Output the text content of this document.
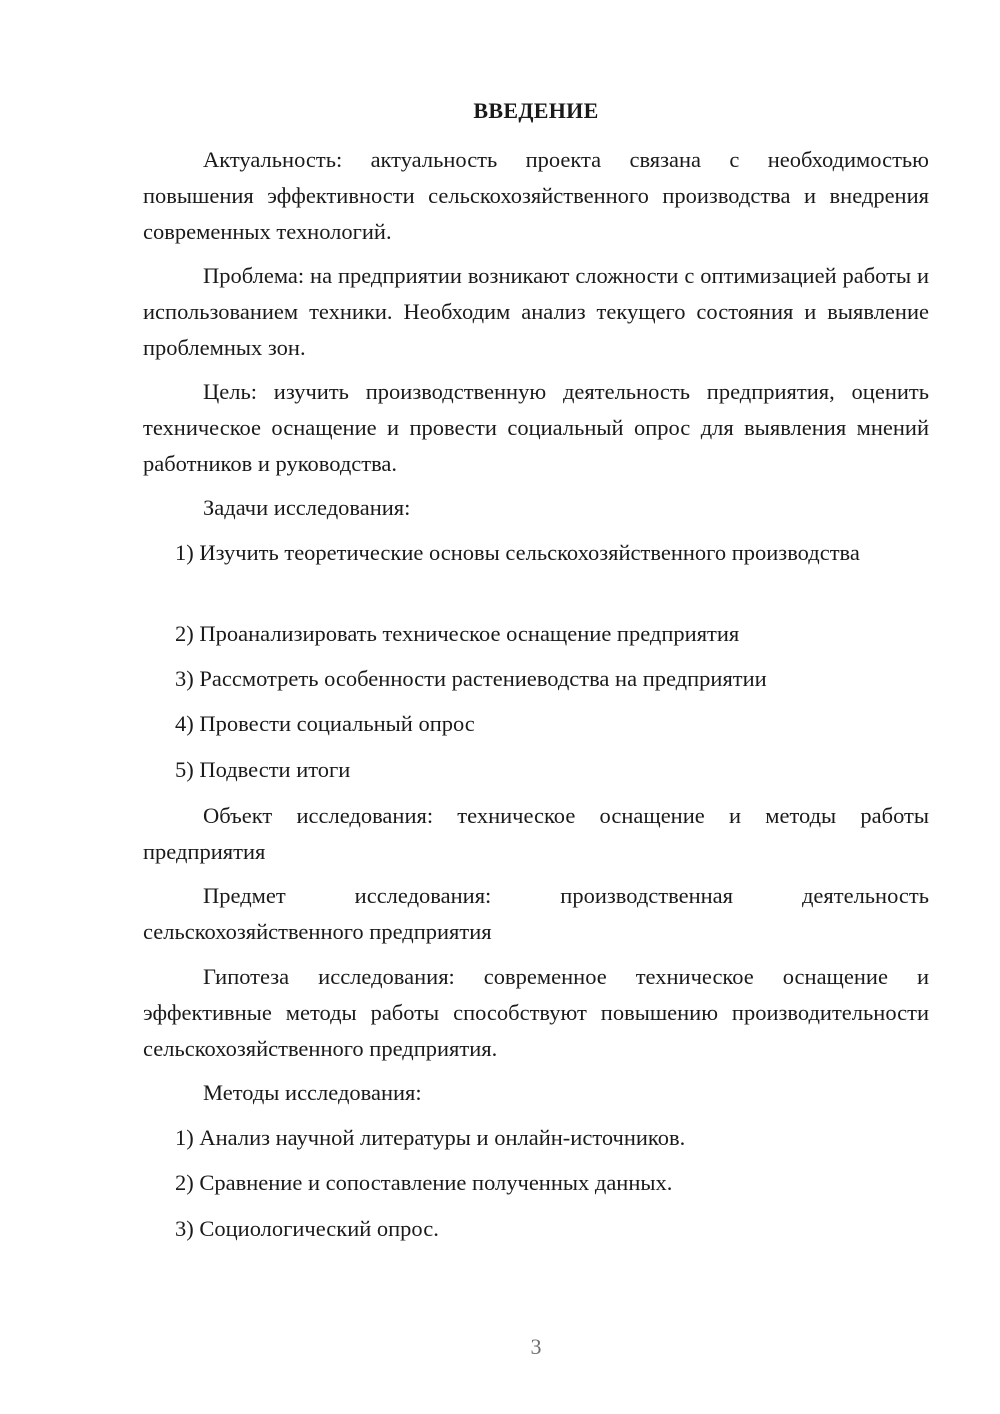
ВВЕДЕНИЕ

Актуальность: актуальность проекта связана с необходимостью повышения эффективности сельскохозяйственного производства и внедрения современных технологий.

Проблема: на предприятии возникают сложности с оптимизацией работы и использованием техники. Необходим анализ текущего состояния и выявление проблемных зон.

Цель: изучить производственную деятельность предприятия, оценить техническое оснащение и провести социальный опрос для выявления мнений работников и руководства.

Задачи исследования:

1) Изучить теоретические основы сельскохозяйственного производства

2) Проанализировать техническое оснащение предприятия

3) Рассмотреть особенности растениеводства на предприятии

4) Провести социальный опрос

5) Подвести итоги

Объект исследования: техническое оснащение и методы работы предприятия

Предмет исследования: производственная деятельность сельскохозяйственного предприятия

Гипотеза исследования: современное техническое оснащение и эффективные методы работы способствуют повышению производительности сельскохозяйственного предприятия.

Методы исследования:

1) Анализ научной литературы и онлайн-источников.

2) Сравнение и сопоставление полученных данных.

3) Социологический опрос.

3
